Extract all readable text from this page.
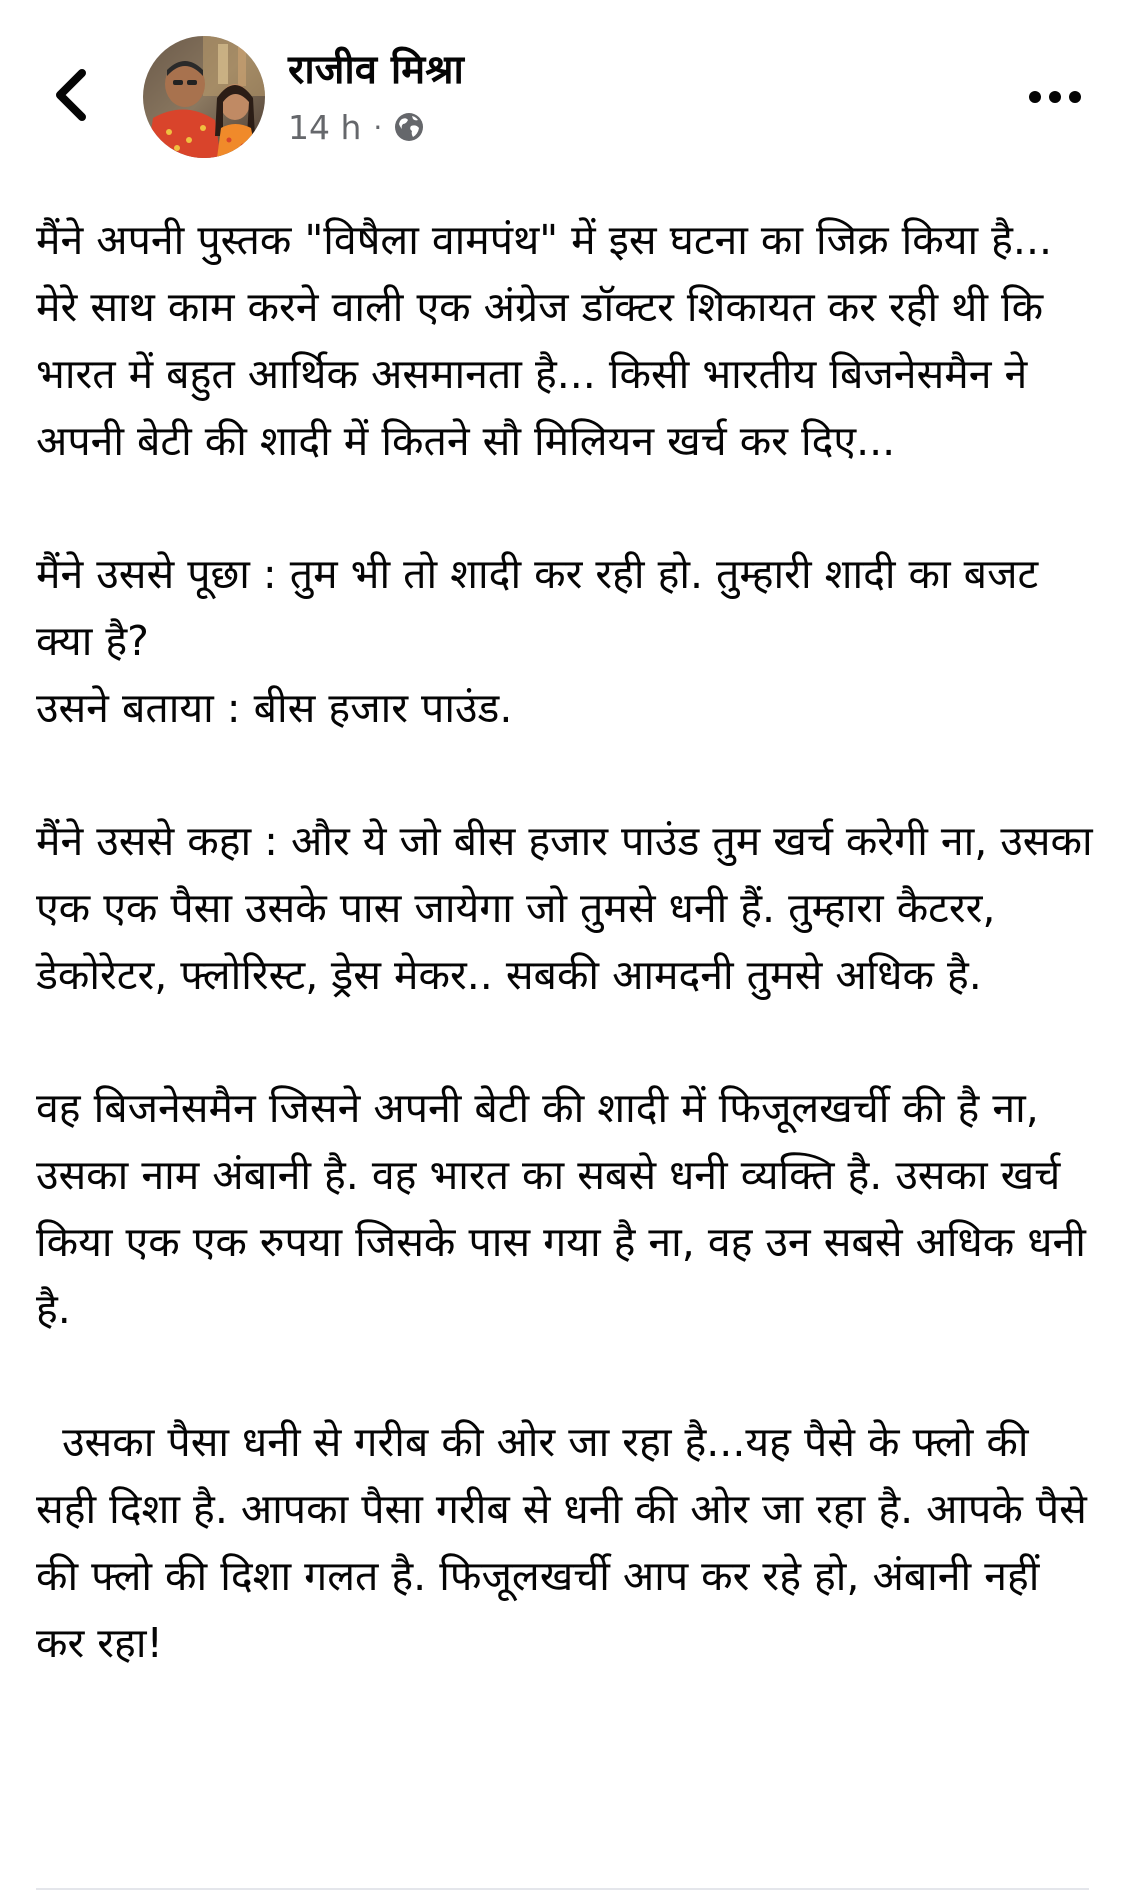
राजीव मिश्रा
14 h ·

मैंने अपनी पुस्तक "विषैला वामपंथ" में इस घटना का जिक्र किया है...
मेरे साथ काम करने वाली एक अंग्रेज डॉक्टर शिकायत कर रही थी कि भारत में बहुत आर्थिक असमानता है... किसी भारतीय बिजनेसमैन ने अपनी बेटी की शादी में कितने सौ मिलियन खर्च कर दिए...

मैंने उससे पूछा : तुम भी तो शादी कर रही हो. तुम्हारी शादी का बजट क्या है?
उसने बताया : बीस हजार पाउंड.

मैंने उससे कहा : और ये जो बीस हजार पाउंड तुम खर्च करेगी ना, उसका एक एक पैसा उसके पास जायेगा जो तुमसे धनी हैं. तुम्हारा कैटरर, डेकोरेटर, फ्लोरिस्ट, ड्रेस मेकर.. सबकी आमदनी तुमसे अधिक है.

वह बिजनेसमैन जिसने अपनी बेटी की शादी में फिजूलखर्ची की है ना, उसका नाम अंबानी है. वह भारत का सबसे धनी व्यक्ति है. उसका खर्च किया एक एक रुपया जिसके पास गया है ना, वह उन सबसे अधिक धनी है.

उसका पैसा धनी से गरीब की ओर जा रहा है...यह पैसे के फ्लो की सही दिशा है. आपका पैसा गरीब से धनी की ओर जा रहा है. आपके पैसे की फ्लो की दिशा गलत है. फिजूलखर्ची आप कर रहे हो, अंबानी नहीं कर रहा!
